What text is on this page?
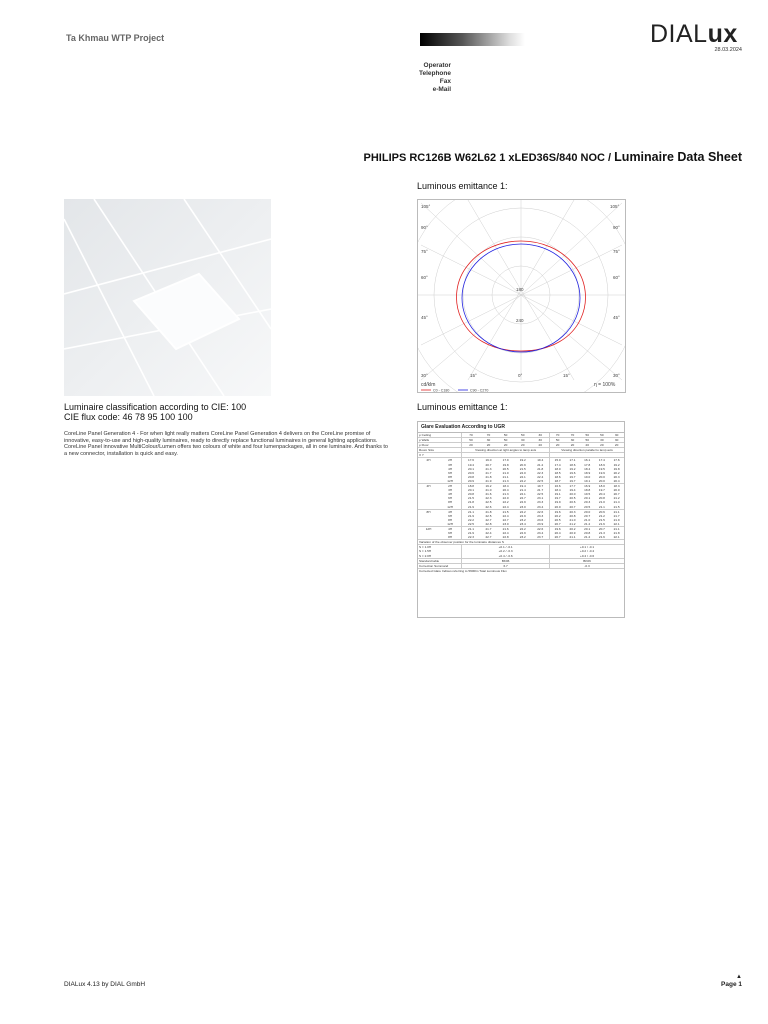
Ta Khmau WTP Project	DIALux
28.03.2024
Operator
Telephone
Fax
e-Mail
PHILIPS RC126B W62L62 1 xLED36S/840 NOC / Luminaire Data Sheet
Luminous emittance 1:
105°	105°
90°	90°
75°	75°
60°	60°
45°	45°
30°	15°	0°	15°	30°
180
240
cd/klm	η = 100%
C0 - C180	C90 - C270
Luminaire classification according to CIE: 100
CIE flux code: 46 78 95 100 100
CoreLine Panel Generation 4 - For when light really matters CoreLine Panel Generation 4 delivers on the CoreLine promise of innovative, easy-to-use and high-quality luminaires, ready to directly replace functional luminaires in general lighting applications. CoreLine Panel innovative MultiColour/Lumen offers two colours of white and four lumenpackages, all in one luminaire. And thanks to a new connector, installation is quick and easy.
Luminous emittance 1:
Glare Evaluation According to UGR
ρ Ceiling		70	70	50	50	30	70	70	50	50	30
ρ Walls		50	30	50	30	30	50	30	50	30	30
ρ Floor		20	20	20	20	20	20	20	20	20	20
Room Size		Viewing direction at right angles to lamp axis					Viewing direction parallel to lamp axis				
X Y											
2H	2H	17.6	19.0	17.9	19.2	19.4	15.0	17.1	16.1	17.4	17.6
	3H	19.4	20.7	19.8	20.9	21.2	17.4	18.6	17.8	18.9	19.2
	4H	20.1	21.3	20.5	21.5	21.8	18.0	19.2	18.4	19.5	19.8
	6H	20.6	21.7	21.0	22.0	22.3	18.5	19.6	18.9	19.9	20.2
	8H	20.8	21.8	21.1	22.1	22.4	18.6	19.7	19.0	20.0	20.3
	12H	20.9	21.9	21.3	22.2	22.5	18.7	19.7	19.1	20.0	20.4
4H	2H	18.8	19.2	18.4	19.4	19.7	16.6	17.7	16.9	18.0	18.3
	3H	20.1	21.0	20.4	21.4	21.7	18.4	19.4	18.8	19.7	20.0
	4H	20.8	21.6	21.3	22.1	22.5	19.1	20.0	19.5	20.4	20.7
	6H	21.5	22.3	22.0	22.7	23.1	19.7	20.5	20.1	20.8	21.2
	8H	21.8	22.5	22.2	22.9	23.3	19.9	20.6	20.3	21.0	21.4
	12H	21.9	22.6	22.4	23.0	23.4	20.0	20.7	20.5	21.1	21.5
8H	4H	21.1	21.8	21.5	22.2	22.6	19.6	20.3	20.0	20.6	21.1
	6H	21.9	22.5	22.4	22.9	23.3	20.2	20.8	20.7	21.2	21.7
	8H	22.2	22.7	22.7	23.2	23.6	20.5	21.0	21.0	21.5	21.9
	12H	22.5	22.8	23.0	23.4	23.9	20.7	21.2	21.2	21.6	22.1
12H	4H	21.1	21.7	21.6	22.2	22.6	19.6	20.2	20.1	20.7	21.1
	6H	21.9	22.4	22.4	22.9	23.4	20.4	20.9	20.8	21.3	21.8
	8H	22.3	22.7	22.8	23.2	23.7	20.7	21.1	21.2	21.6	22.1
Variation of the observer position for the luminaire distances S											
S = 1.0H		+0.1 / -0.1					+0.1 / -0.1				
S = 1.5H		+0.2 / -0.3					+0.2 / -0.4				
S = 2.0H		+0.4 / -0.6					+0.4 / -0.6				
Standard table		BK06					BK06				
Correction Summand		6.7					-0.3				
Corrected Glare Indices referring to 5600lm Total Luminous Flux											
DIALux 4.13 by DIAL GmbH
▲
Page 1
